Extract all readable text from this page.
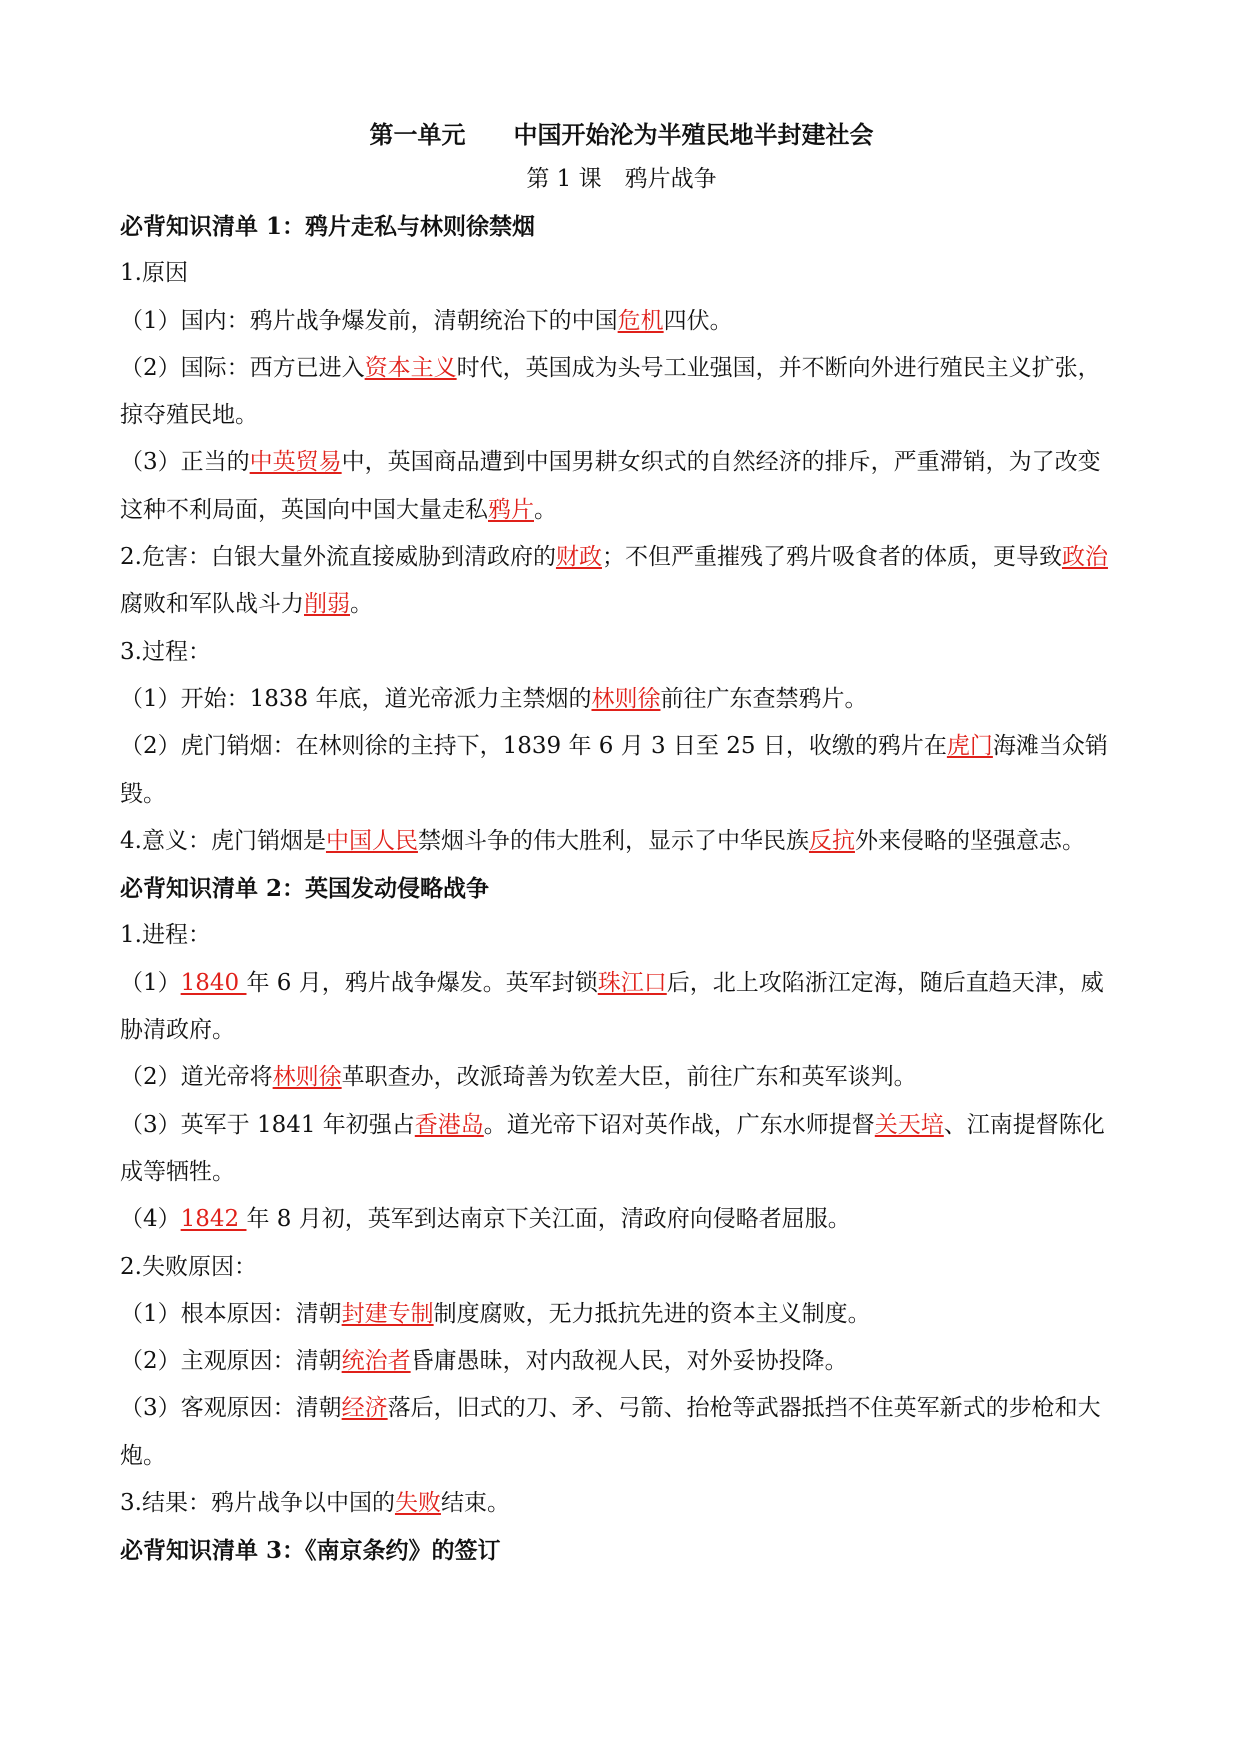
第一单元　　中国开始沦为半殖民地半封建社会
第 1 课　鸦片战争
必背知识清单 1：鸦片走私与林则徐禁烟
1.原因
（1）国内：鸦片战争爆发前，清朝统治下的中国危机四伏。
（2）国际：西方已进入资本主义时代，英国成为头号工业强国，并不断向外进行殖民主义扩张，掠夺殖民地。
（3）正当的中英贸易中，英国商品遭到中国男耕女织式的自然经济的排斥，严重滞销，为了改变这种不利局面，英国向中国大量走私鸦片。
2.危害：白银大量外流直接威胁到清政府的财政；不但严重摧残了鸦片吸食者的体质，更导致政治腐败和军队战斗力削弱。
3.过程：
（1）开始：1838 年底，道光帝派力主禁烟的林则徐前往广东查禁鸦片。
（2）虎门销烟：在林则徐的主持下，1839 年 6 月 3 日至 25 日，收缴的鸦片在虎门海滩当众销毁。
4.意义：虎门销烟是中国人民禁烟斗争的伟大胜利，显示了中华民族反抗外来侵略的坚强意志。
必背知识清单 2：英国发动侵略战争
1.进程：
（1）1840 年 6 月，鸦片战争爆发。英军封锁珠江口后，北上攻陷浙江定海，随后直趋天津，威胁清政府。
（2）道光帝将林则徐革职查办，改派琦善为钦差大臣，前往广东和英军谈判。
（3）英军于 1841 年初强占香港岛。道光帝下诏对英作战，广东水师提督关天培、江南提督陈化成等牺牲。
（4）1842 年 8 月初，英军到达南京下关江面，清政府向侵略者屈服。
2.失败原因：
（1）根本原因：清朝封建专制制度腐败，无力抵抗先进的资本主义制度。
（2）主观原因：清朝统治者昏庸愚昧，对内敌视人民，对外妥协投降。
（3）客观原因：清朝经济落后，旧式的刀、矛、弓箭、抬枪等武器抵挡不住英军新式的步枪和大炮。
3.结果：鸦片战争以中国的失败结束。
必背知识清单 3：《南京条约》的签订
